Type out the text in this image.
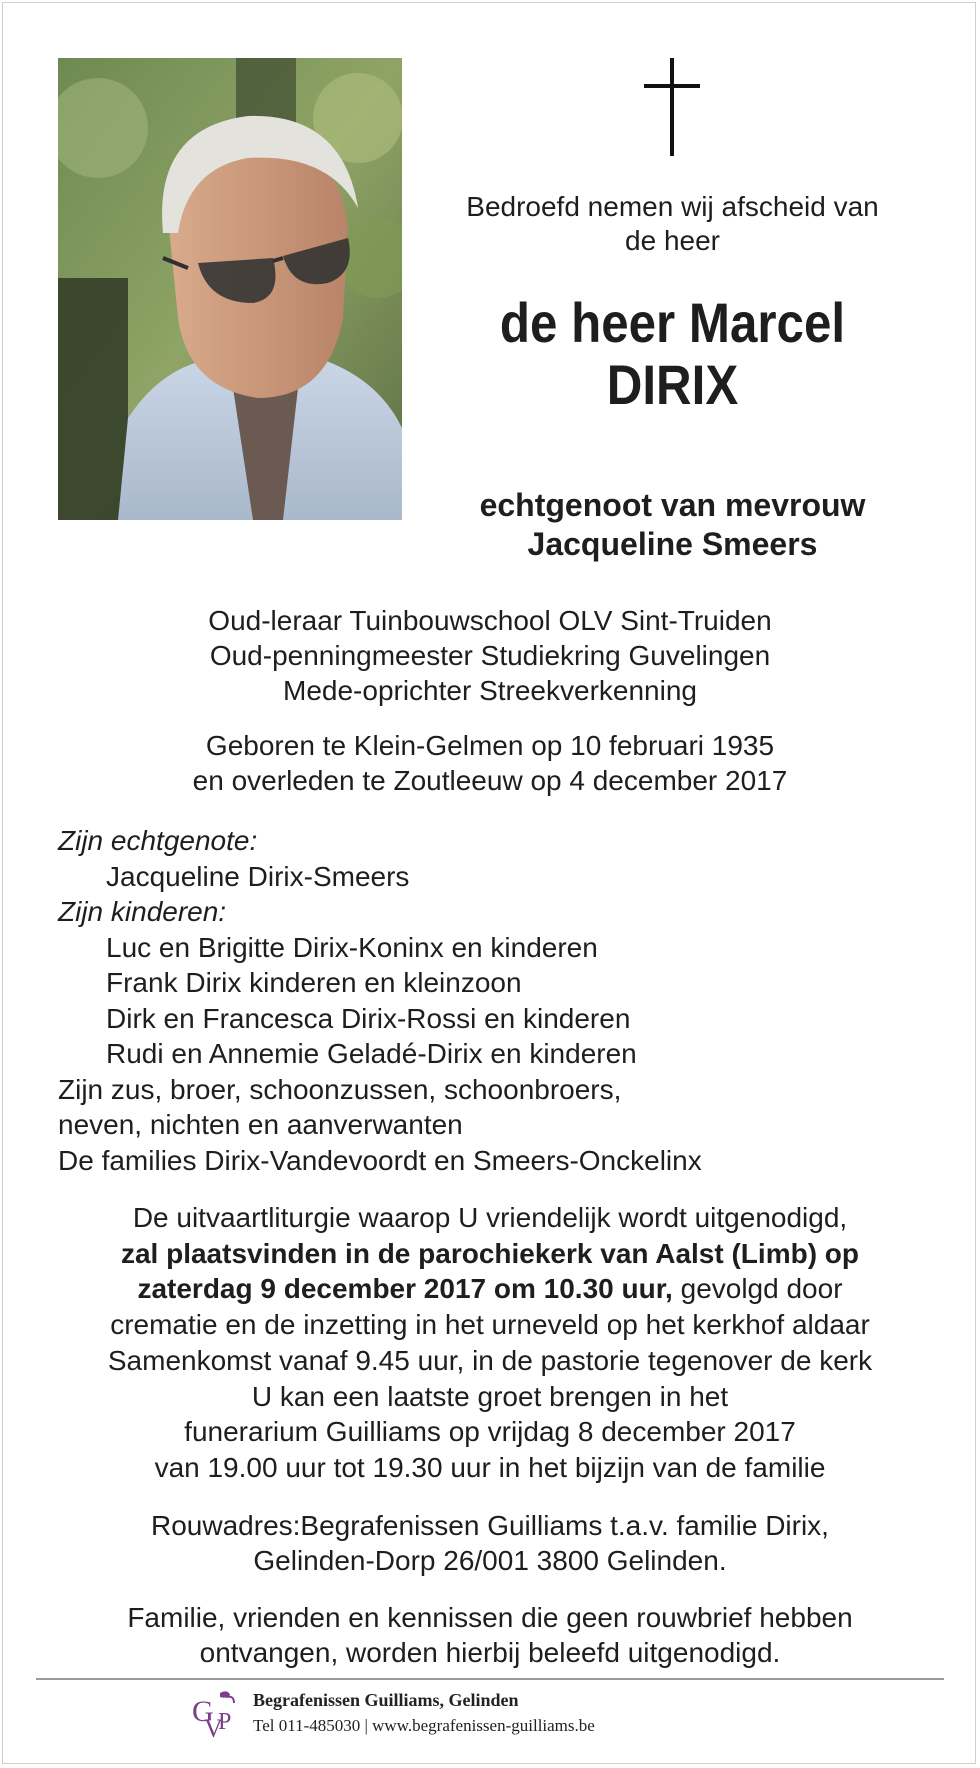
Bedroefd nemen wij afscheid van
de heer
de heer Marcel
DIRIX
echtgenoot van mevrouw
Jacqueline Smeers
Oud-leraar Tuinbouwschool OLV Sint-Truiden
Oud-penningmeester Studiekring Guvelingen
Mede-oprichter Streekverkenning
Geboren te Klein-Gelmen op 10 februari 1935
en overleden te Zoutleeuw op 4 december 2017
Zijn echtgenote:
Jacqueline Dirix-Smeers
Zijn kinderen:
Luc en Brigitte Dirix-Koninx en kinderen
Frank Dirix kinderen en kleinzoon
Dirk en Francesca Dirix-Rossi en kinderen
Rudi en Annemie Geladé-Dirix en kinderen
Zijn zus, broer, schoonzussen, schoonbroers,
neven, nichten en aanverwanten
De families Dirix-Vandevoordt en Smeers-Onckelinx
De uitvaartliturgie waarop U vriendelijk wordt uitgenodigd,
zal plaatsvinden in de parochiekerk van Aalst (Limb) op
zaterdag 9 december 2017 om 10.30 uur, gevolgd door
crematie en de inzetting in het urneveld op het kerkhof aldaar
Samenkomst vanaf 9.45 uur, in de pastorie tegenover de kerk
U kan een laatste groet brengen in het
funerarium Guilliams op vrijdag 8 december 2017
van 19.00 uur tot 19.30 uur in het bijzijn van de familie
Rouwadres:Begrafenissen Guilliams t.a.v. familie Dirix,
Gelinden-Dorp 26/001 3800 Gelinden.
Familie, vrienden en kennissen die geen rouwbrief hebben
ontvangen, worden hierbij beleefd uitgenodigd.
G
V
P
Begrafenissen Guilliams, Gelinden
Tel 011-485030 | www.begrafenissen-guilliams.be
